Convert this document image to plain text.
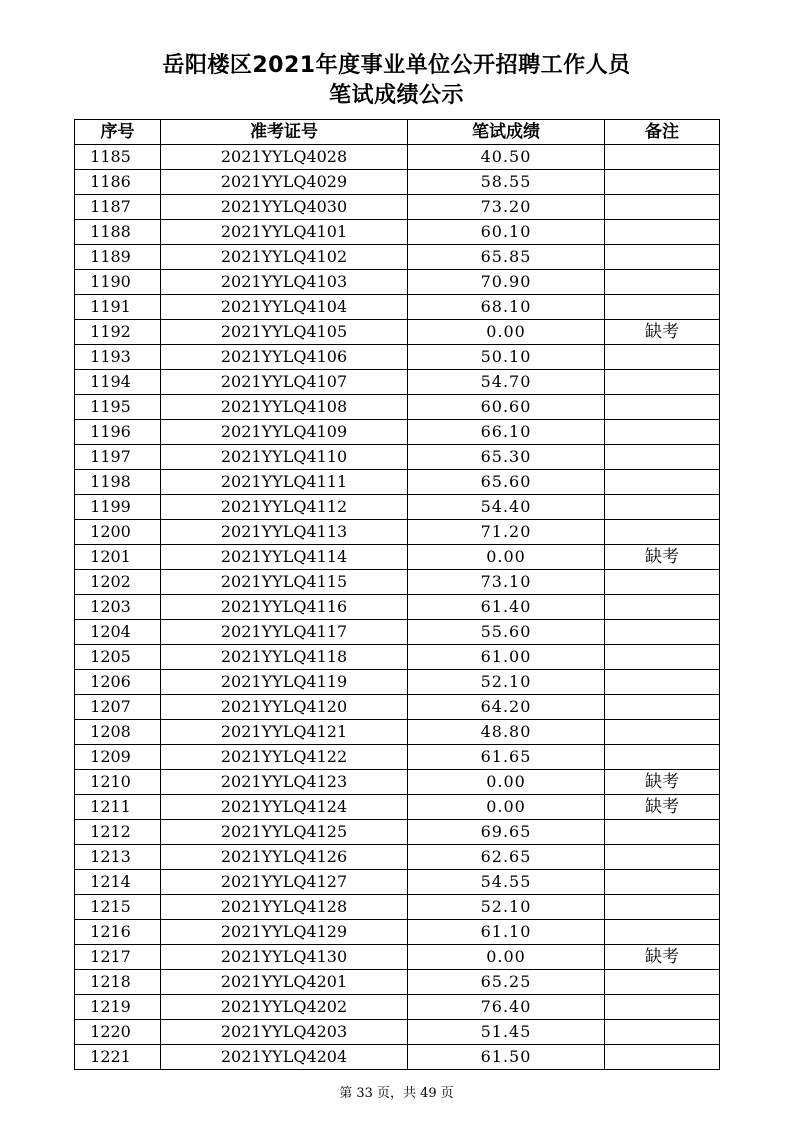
岳阳楼区2021年度事业单位公开招聘工作人员
笔试成绩公示
序号	准考证号	笔试成绩	备注
1185	2021YYLQ4028	40.50	
1186	2021YYLQ4029	58.55	
1187	2021YYLQ4030	73.20	
1188	2021YYLQ4101	60.10	
1189	2021YYLQ4102	65.85	
1190	2021YYLQ4103	70.90	
1191	2021YYLQ4104	68.10	
1192	2021YYLQ4105	0.00	缺考
1193	2021YYLQ4106	50.10	
1194	2021YYLQ4107	54.70	
1195	2021YYLQ4108	60.60	
1196	2021YYLQ4109	66.10	
1197	2021YYLQ4110	65.30	
1198	2021YYLQ4111	65.60	
1199	2021YYLQ4112	54.40	
1200	2021YYLQ4113	71.20	
1201	2021YYLQ4114	0.00	缺考
1202	2021YYLQ4115	73.10	
1203	2021YYLQ4116	61.40	
1204	2021YYLQ4117	55.60	
1205	2021YYLQ4118	61.00	
1206	2021YYLQ4119	52.10	
1207	2021YYLQ4120	64.20	
1208	2021YYLQ4121	48.80	
1209	2021YYLQ4122	61.65	
1210	2021YYLQ4123	0.00	缺考
1211	2021YYLQ4124	0.00	缺考
1212	2021YYLQ4125	69.65	
1213	2021YYLQ4126	62.65	
1214	2021YYLQ4127	54.55	
1215	2021YYLQ4128	52.10	
1216	2021YYLQ4129	61.10	
1217	2021YYLQ4130	0.00	缺考
1218	2021YYLQ4201	65.25	
1219	2021YYLQ4202	76.40	
1220	2021YYLQ4203	51.45	
1221	2021YYLQ4204	61.50	
第 33 页，共 49 页
